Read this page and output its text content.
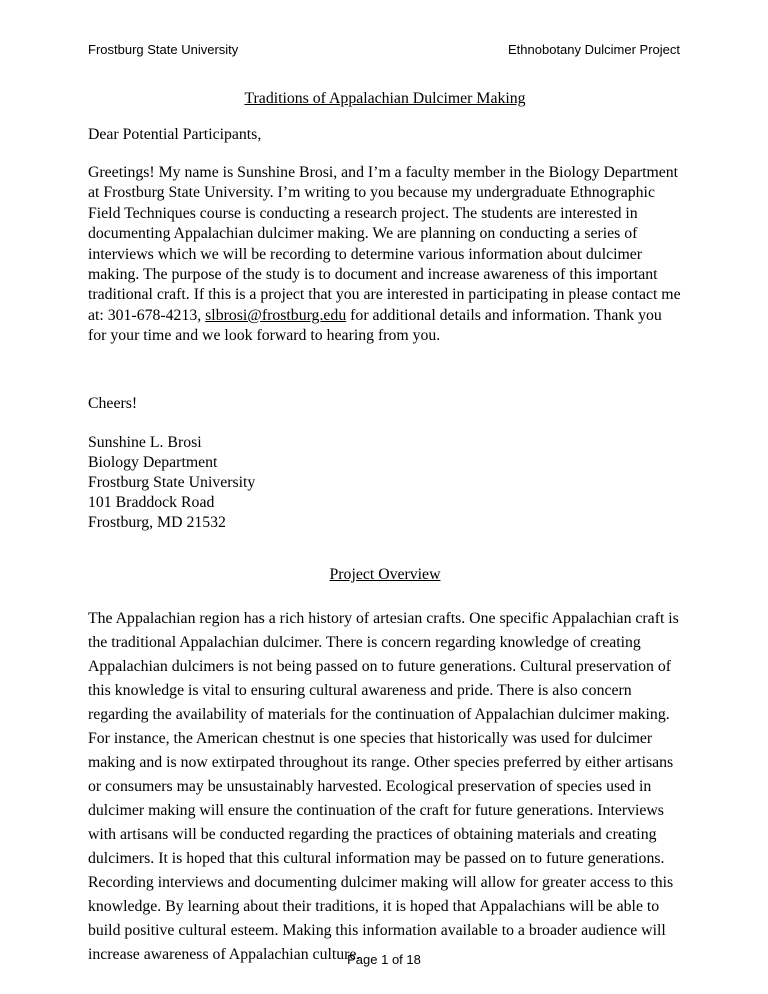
Frostburg State University	Ethnobotany Dulcimer Project
Traditions of Appalachian Dulcimer Making
Dear Potential Participants,

Greetings! My name is Sunshine Brosi, and I’m a faculty member in the Biology Department at Frostburg State University. I’m writing to you because my undergraduate Ethnographic Field Techniques course is conducting a research project. The students are interested in documenting Appalachian dulcimer making. We are planning on conducting a series of interviews which we will be recording to determine various information about dulcimer making. The purpose of the study is to document and increase awareness of this important traditional craft. If this is a project that you are interested in participating in please contact me at: 301-678-4213, slbrosi@frostburg.edu for additional details and information. Thank you for your time and we look forward to hearing from you.

Cheers!
Sunshine L. Brosi
Biology Department
Frostburg State University
101 Braddock Road
Frostburg, MD 21532
Project Overview

The Appalachian region has a rich history of artesian crafts. One specific Appalachian craft is the traditional Appalachian dulcimer. There is concern regarding knowledge of creating Appalachian dulcimers is not being passed on to future generations. Cultural preservation of this knowledge is vital to ensuring cultural awareness and pride. There is also concern regarding the availability of materials for the continuation of Appalachian dulcimer making. For instance, the American chestnut is one species that historically was used for dulcimer making and is now extirpated throughout its range. Other species preferred by either artisans or consumers may be unsustainably harvested. Ecological preservation of species used in dulcimer making will ensure the continuation of the craft for future generations. Interviews with artisans will be conducted regarding the practices of obtaining materials and creating dulcimers. It is hoped that this cultural information may be passed on to future generations. Recording interviews and documenting dulcimer making will allow for greater access to this knowledge. By learning about their traditions, it is hoped that Appalachians will be able to build positive cultural esteem. Making this information available to a broader audience will increase awareness of Appalachian culture.

Page 1 of 18
